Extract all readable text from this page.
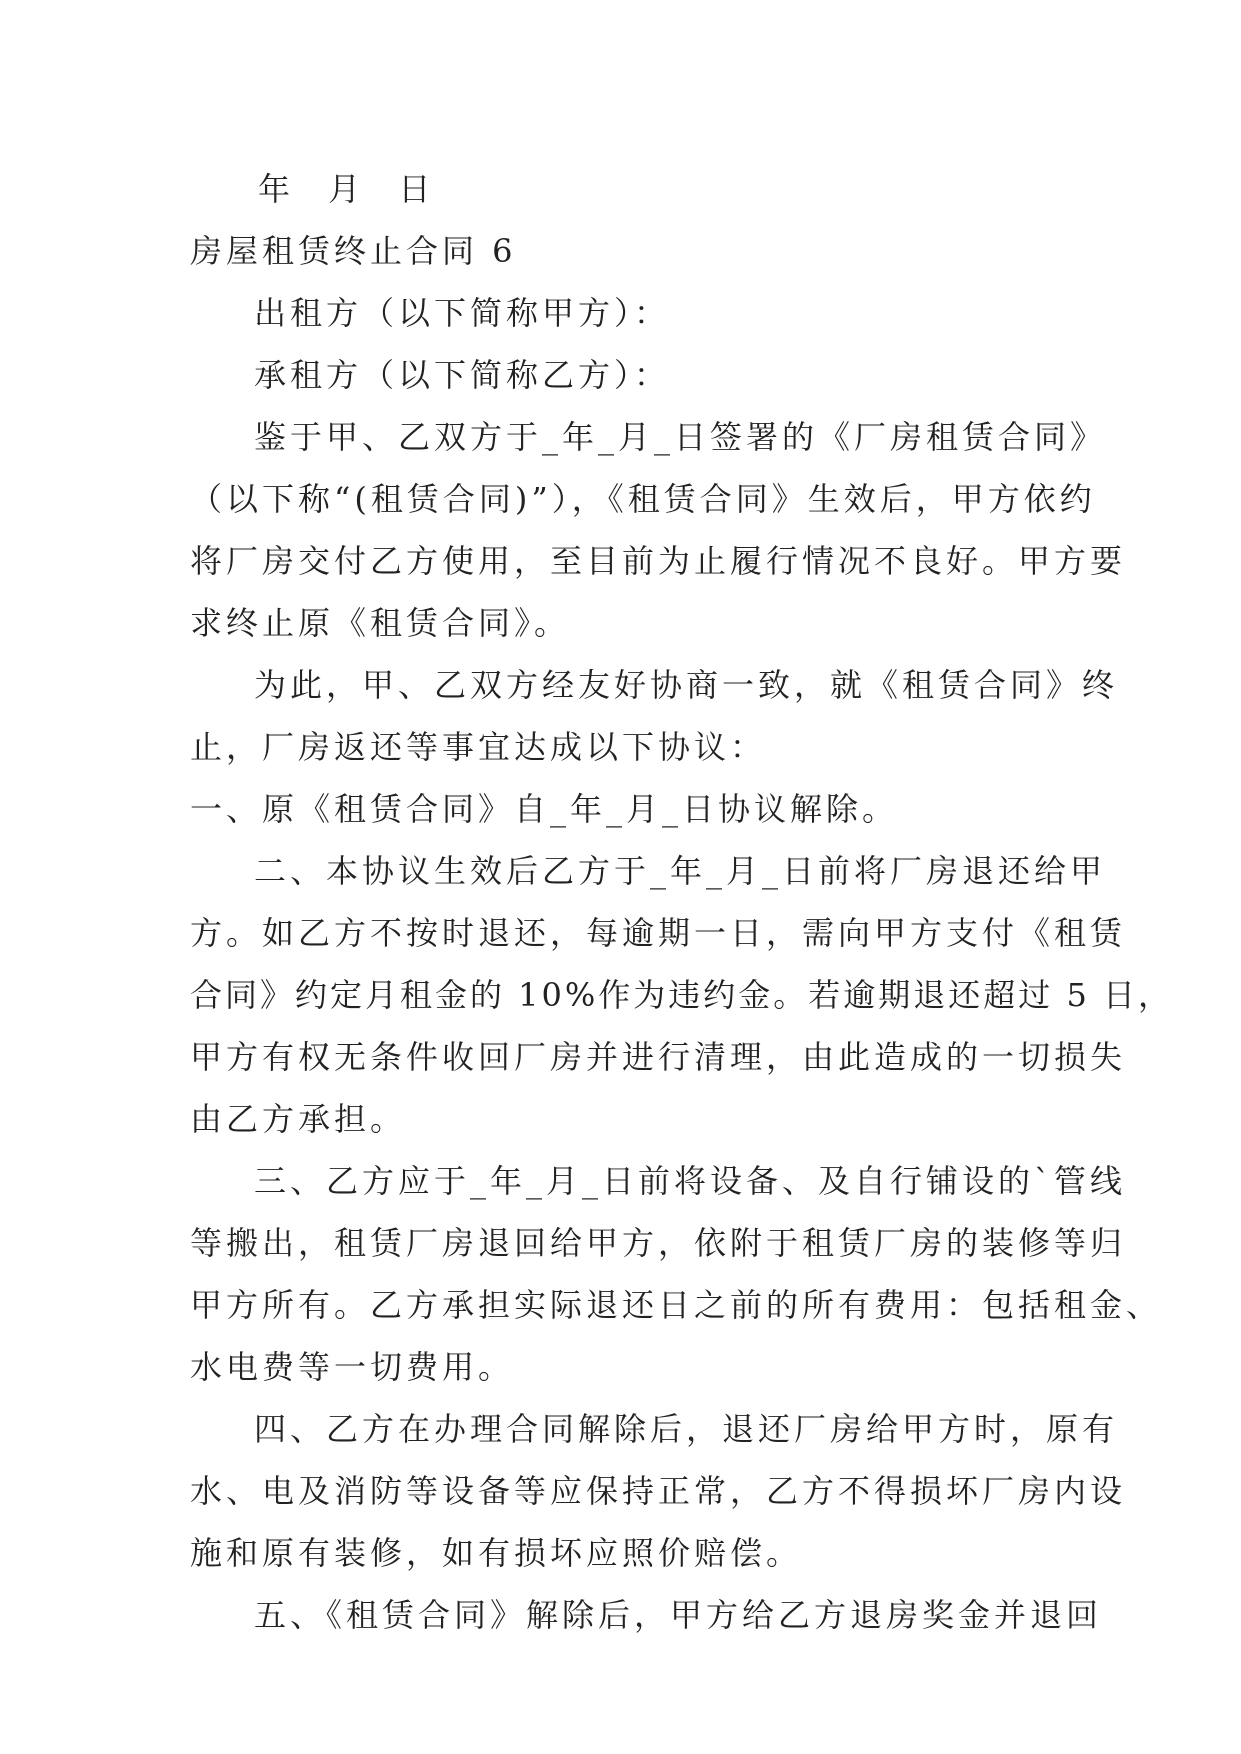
年 月 日

房屋租赁终止合同 6

出租方（以下简称甲方）：

承租方（以下简称乙方）：

鉴于甲、乙双方于_年_月_日签署的《厂房租赁合同》

（以下称“(租赁合同)”），《租赁合同》生效后，甲方依约

将厂房交付乙方使用，至目前为止履行情况不良好。甲方要

求终止原《租赁合同》。

为此，甲、乙双方经友好协商一致，就《租赁合同》终

止，厂房返还等事宜达成以下协议：

一、原《租赁合同》自_年_月_日协议解除。

二、本协议生效后乙方于_年_月_日前将厂房退还给甲

方。如乙方不按时退还，每逾期一日，需向甲方支付《租赁

合同》约定月租金的 10%作为违约金。若逾期退还超过 5 日，

甲方有权无条件收回厂房并进行清理，由此造成的一切损失

由乙方承担。

三、乙方应于_年_月_日前将设备、及自行铺设的`管线

等搬出，租赁厂房退回给甲方，依附于租赁厂房的装修等归

甲方所有。乙方承担实际退还日之前的所有费用：包括租金、

水电费等一切费用。

四、乙方在办理合同解除后，退还厂房给甲方时，原有

水、电及消防等设备等应保持正常，乙方不得损坏厂房内设

施和原有装修，如有损坏应照价赔偿。

五、《租赁合同》解除后，甲方给乙方退房奖金并退回
